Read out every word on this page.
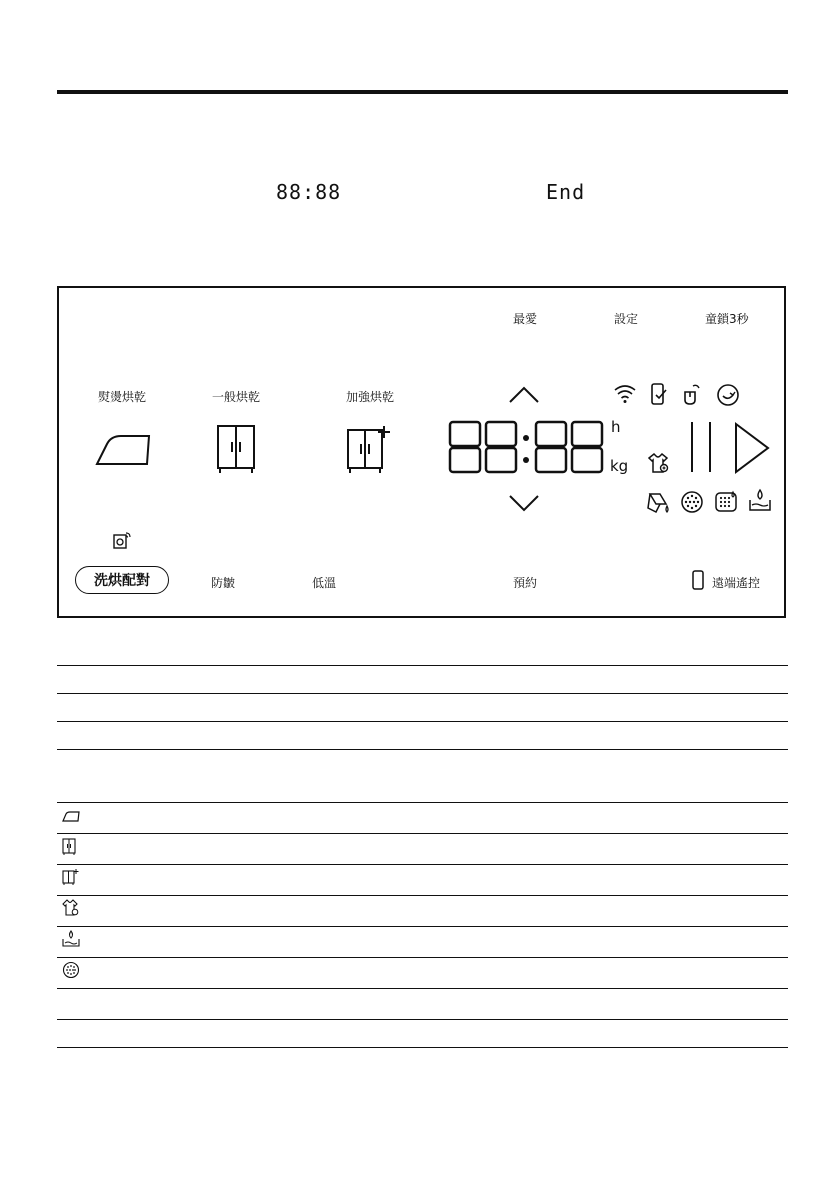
88:88	End
最愛	設定	童鎖3秒
熨燙烘乾	一般烘乾	加強烘乾
h
kg
洗烘配對	防皺	低溫	預約	遠端遙控
